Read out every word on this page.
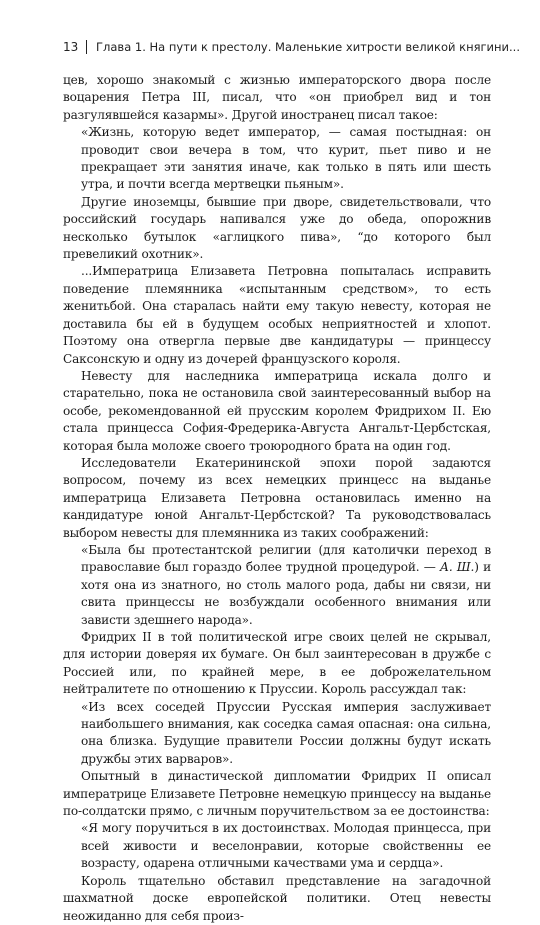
13 Глава 1. На пути к престолу. Маленькие хитрости великой княгини...

цев, хорошо знакомый с жизнью императорского двора после воцарения Петра III, писал, что «он приобрел вид и тон разгулявшейся казармы». Другой иностранец писал такое:

«Жизнь, которую ведет император, — самая постыдная: он проводит свои вечера в том, что курит, пьет пиво и не прекращает эти занятия иначе, как только в пять или шесть утра, и почти всегда мертвецки пьяным».

Другие иноземцы, бывшие при дворе, свидетельствовали, что российский государь напивался уже до обеда, опорожнив несколько бутылок «аглицкого пива», “до которого был превеликий охотник».

...Императрица Елизавета Петровна попыталась исправить поведение племянника «испытанным средством», то есть женитьбой. Она старалась найти ему такую невесту, которая не доставила бы ей в будущем особых неприятностей и хлопот. Поэтому она отвергла первые две кандидатуры — принцессу Саксонскую и одну из дочерей французского короля.

Невесту для наследника императрица искала долго и старательно, пока не остановила свой заинтересованный выбор на особе, рекомендованной ей прусским королем Фридрихом II. Ею стала принцесса София-Фредерика-Августа Ангальт-Цербстская, которая была моложе своего троюродного брата на один год.

Исследователи Екатерининской эпохи порой задаются вопросом, почему из всех немецких принцесс на выданье императрица Елизавета Петровна остановилась именно на кандидатуре юной Ангальт-Цербстской? Та руководствовалась выбором невесты для племянника из таких соображений:

«Была бы протестантской религии (для католички переход в православие был гораздо более трудной процедурой. — А. Ш.) и хотя она из знатного, но столь малого рода, дабы ни связи, ни свита принцессы не возбуждали особенного внимания или зависти здешнего народа».

Фридрих II в той политической игре своих целей не скрывал, для истории доверяя их бумаге. Он был заинтересован в дружбе с Россией или, по крайней мере, в ее доброжелательном нейтралитете по отношению к Пруссии. Король рассуждал так:

«Из всех соседей Пруссии Русская империя заслуживает наибольшего внимания, как соседка самая опасная: она сильна, она близка. Будущие правители России должны будут искать дружбы этих варваров».

Опытный в династической дипломатии Фридрих II описал императрице Елизавете Петровне немецкую принцессу на выданье по-солдатски прямо, с личным поручительством за ее достоинства:

«Я могу поручиться в их достоинствах. Молодая принцесса, при всей живости и веселонравии, которые свойственны ее возрасту, одарена отличными качествами ума и сердца».

Король тщательно обставил представление на загадочной шахматной доске европейской политики. Отец невесты неожиданно для себя произ-
